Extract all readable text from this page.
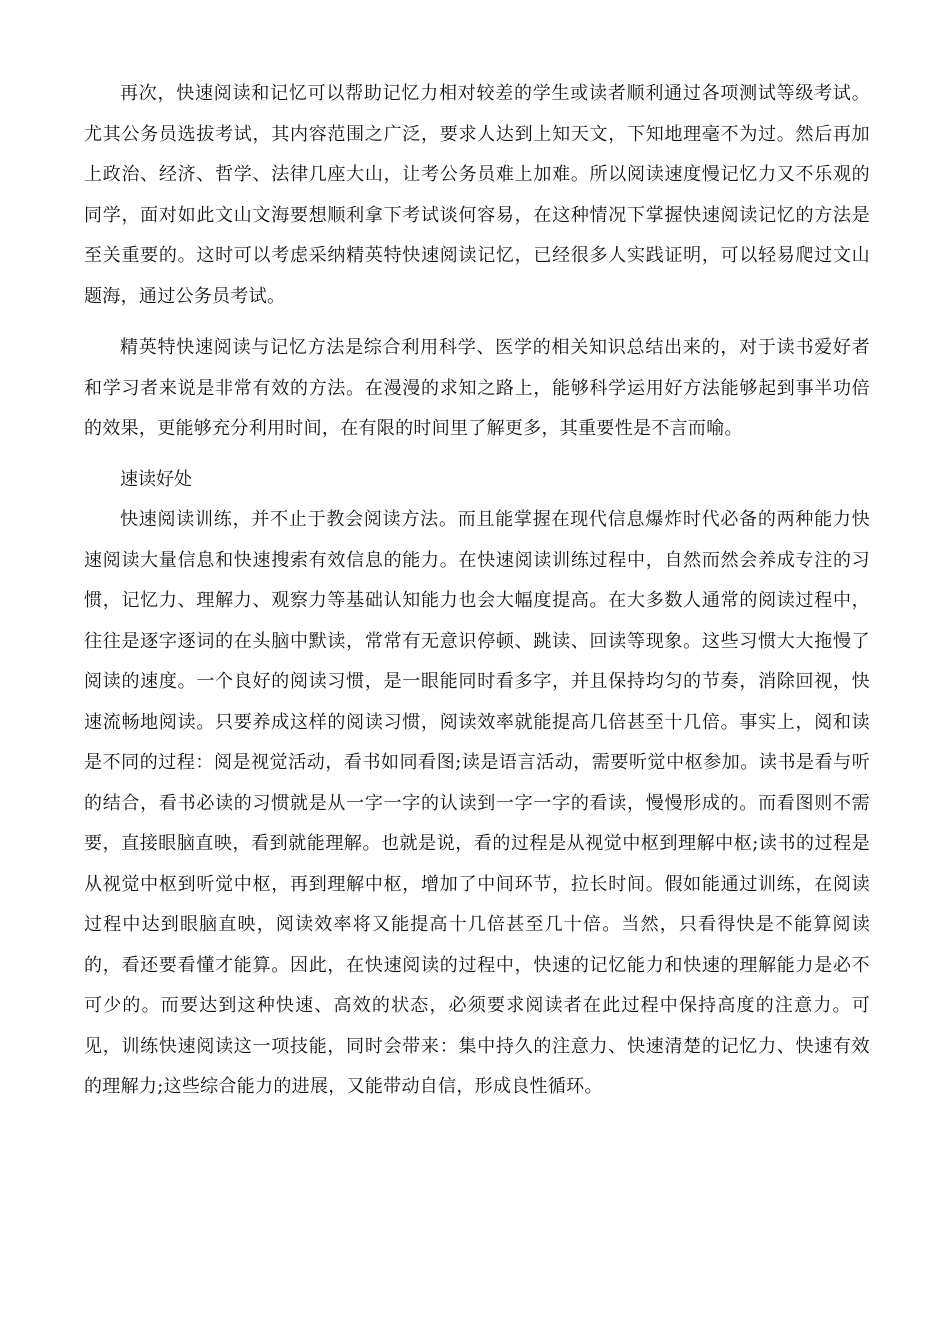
再次，快速阅读和记忆可以帮助记忆力相对较差的学生或读者顺利通过各项测试等级考试。尤其公务员选拔考试，其内容范围之广泛，要求人达到上知天文，下知地理毫不为过。然后再加上政治、经济、哲学、法律几座大山，让考公务员难上加难。所以阅读速度慢记忆力又不乐观的同学，面对如此文山文海要想顺利拿下考试谈何容易，在这种情况下掌握快速阅读记忆的方法是至关重要的。这时可以考虑采纳精英特快速阅读记忆，已经很多人实践证明，可以轻易爬过文山题海，通过公务员考试。

精英特快速阅读与记忆方法是综合利用科学、医学的相关知识总结出来的，对于读书爱好者和学习者来说是非常有效的方法。在漫漫的求知之路上，能够科学运用好方法能够起到事半功倍的效果，更能够充分利用时间，在有限的时间里了解更多，其重要性是不言而喻。

速读好处

快速阅读训练，并不止于教会阅读方法。而且能掌握在现代信息爆炸时代必备的两种能力快速阅读大量信息和快速搜索有效信息的能力。在快速阅读训练过程中，自然而然会养成专注的习惯，记忆力、理解力、观察力等基础认知能力也会大幅度提高。在大多数人通常的阅读过程中，往往是逐字逐词的在头脑中默读，常常有无意识停顿、跳读、回读等现象。这些习惯大大拖慢了阅读的速度。一个良好的阅读习惯，是一眼能同时看多字，并且保持均匀的节奏，消除回视，快速流畅地阅读。只要养成这样的阅读习惯，阅读效率就能提高几倍甚至十几倍。事实上，阅和读是不同的过程：阅是视觉活动，看书如同看图;读是语言活动，需要听觉中枢参加。读书是看与听的结合，看书必读的习惯就是从一字一字的认读到一字一字的看读，慢慢形成的。而看图则不需要，直接眼脑直映，看到就能理解。也就是说，看的过程是从视觉中枢到理解中枢;读书的过程是从视觉中枢到听觉中枢，再到理解中枢，增加了中间环节，拉长时间。假如能通过训练，在阅读过程中达到眼脑直映，阅读效率将又能提高十几倍甚至几十倍。当然，只看得快是不能算阅读的，看还要看懂才能算。因此，在快速阅读的过程中，快速的记忆能力和快速的理解能力是必不可少的。而要达到这种快速、高效的状态，必须要求阅读者在此过程中保持高度的注意力。可见，训练快速阅读这一项技能，同时会带来：集中持久的注意力、快速清楚的记忆力、快速有效的理解力;这些综合能力的进展，又能带动自信，形成良性循环。
